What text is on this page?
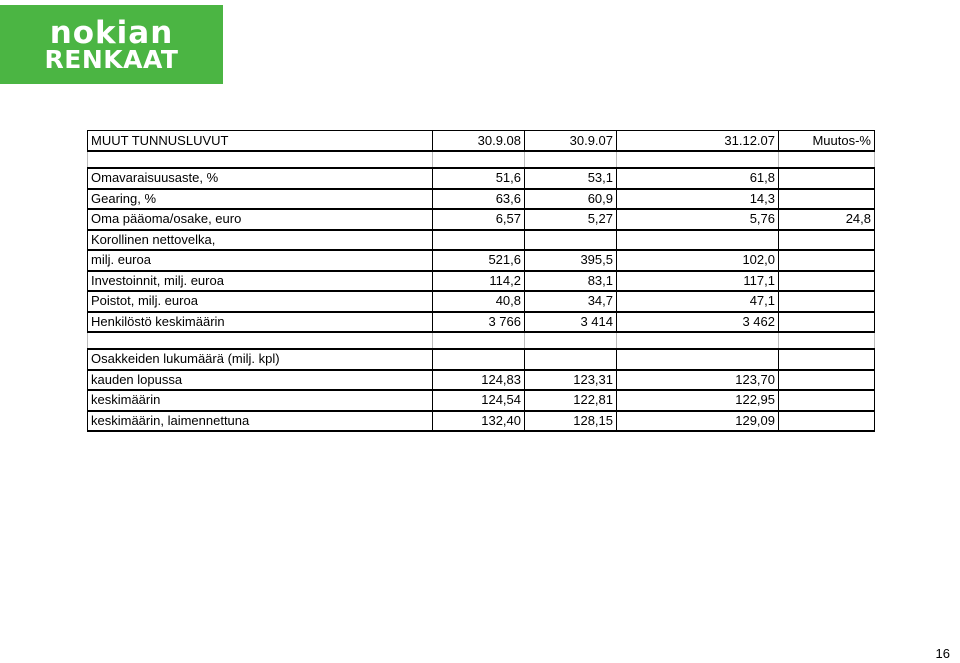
nokian
RENKAAT
MUUT TUNNUSLUVUT	30.9.08	30.9.07	31.12.07	Muutos-%

Omavaraisuusaste, %	51,6	53,1	61,8	
Gearing, %	63,6	60,9	14,3	
Oma pääoma/osake, euro	6,57	5,27	5,76	24,8
Korollinen nettovelka,				
milj. euroa	521,6	395,5	102,0	
Investoinnit, milj. euroa	114,2	83,1	117,1	
Poistot, milj. euroa	40,8	34,7	47,1	
Henkilöstö keskimäärin	3 766	3 414	3 462	

Osakkeiden lukumäärä (milj. kpl)				
kauden lopussa	124,83	123,31	123,70	
keskimäärin	124,54	122,81	122,95	
keskimäärin, laimennettuna	132,40	128,15	129,09	
16
